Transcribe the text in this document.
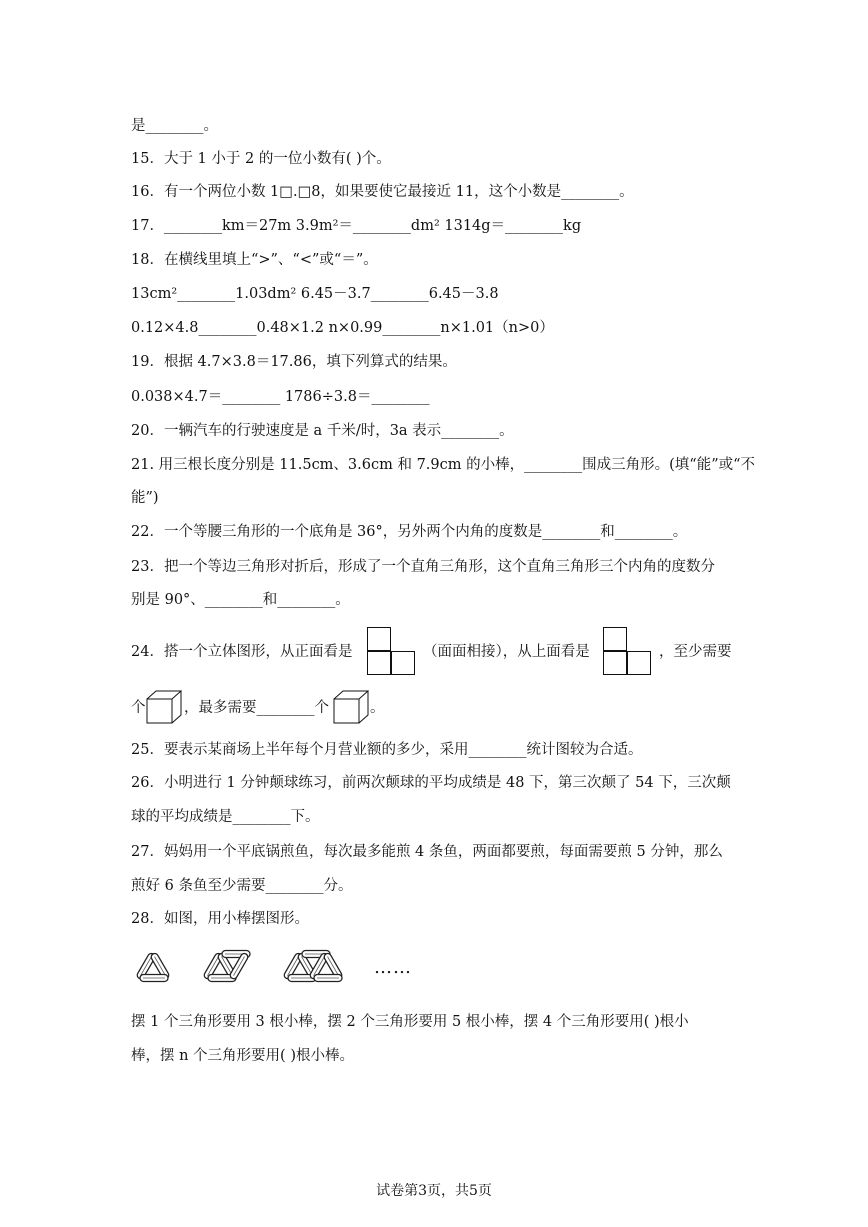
是________。
15．大于 1 小于 2 的一位小数有( )个。
16．有一个两位小数 1□.□8，如果要使它最接近 11，这个小数是________。
17．________km＝27m 3.9m²＝________dm² 1314g＝________kg
18．在横线里填上“>”、“<”或“＝”。
13cm²________1.03dm² 6.45－3.7________6.45－3.8
0.12×4.8________0.48×1.2 n×0.99________n×1.01（n>0）
19．根据 4.7×3.8＝17.86，填下列算式的结果。
0.038×4.7＝________ 1786÷3.8＝________
20．一辆汽车的行驶速度是 a 千米/时，3a 表示________。
21. 用三根长度分别是 11.5cm、3.6cm 和 7.9cm 的小棒，________围成三角形。(填“能”或“不
能”)
22．一个等腰三角形的一个底角是 36°，另外两个内角的度数是________和________。
23．把一个等边三角形对折后，形成了一个直角三角形，这个直角三角形三个内角的度数分
别是 90°、________和________。
24．搭一个立体图形，从正面看是	（面面相接），从上面看是	，至少需要
个	，最多需要________个	。
25．要表示某商场上半年每个月营业额的多少，采用________统计图较为合适。
26．小明进行 1 分钟颠球练习，前两次颠球的平均成绩是 48 下，第三次颠了 54 下，三次颠
球的平均成绩是________下。
27．妈妈用一个平底锅煎鱼，每次最多能煎 4 条鱼，两面都要煎，每面需要煎 5 分钟，那么
煎好 6 条鱼至少需要________分。
28．如图，用小棒摆图形。
……
摆 1 个三角形要用 3 根小棒，摆 2 个三角形要用 5 根小棒，摆 4 个三角形要用( )根小
棒，摆 n 个三角形要用( )根小棒。
试卷第3页，共5页
